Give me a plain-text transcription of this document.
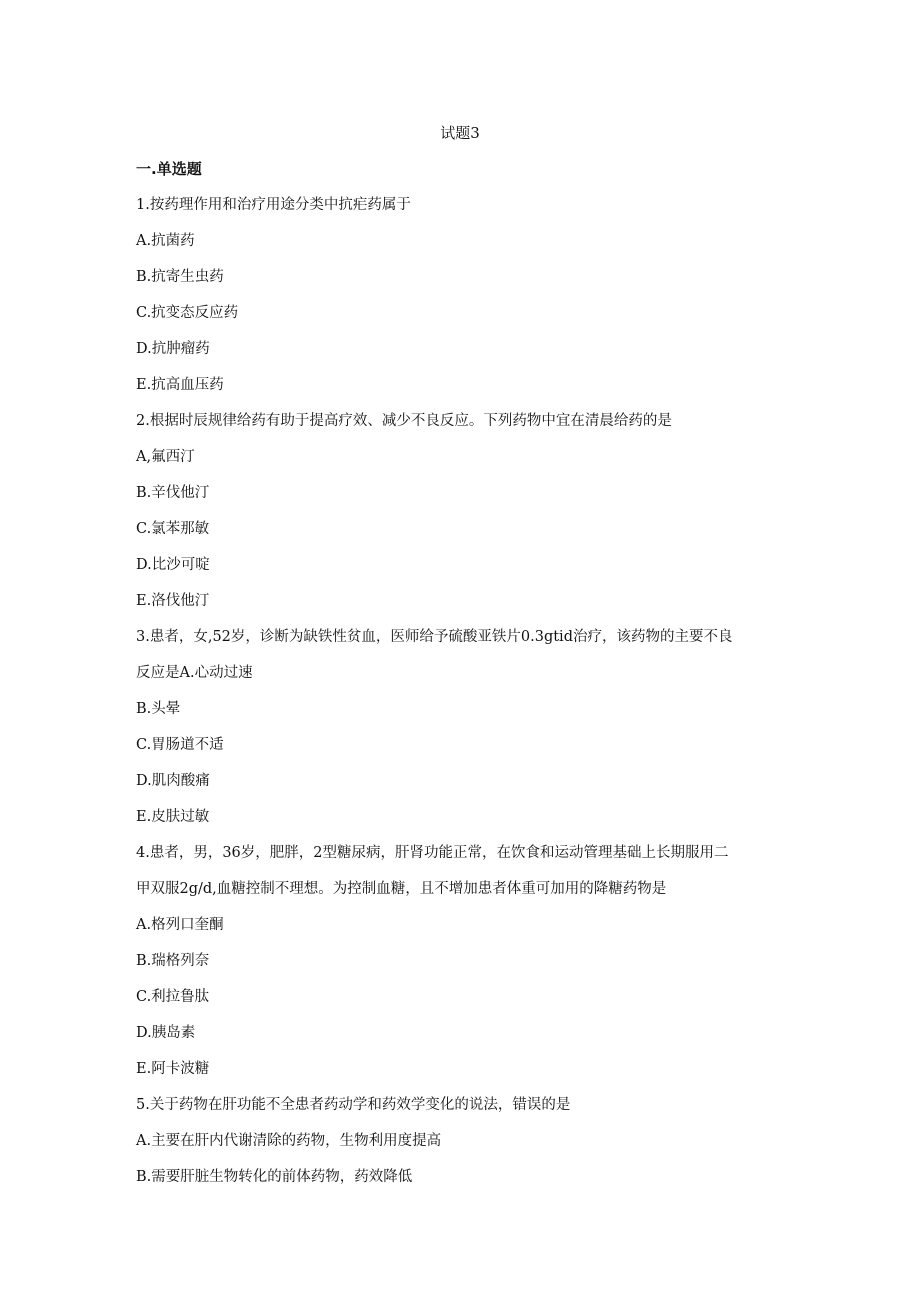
试题3
一.单选题
1.按药理作用和治疗用途分类中抗疟药属于
A.抗菌药
B.抗寄生虫药
C.抗变态反应药
D.抗肿瘤药
E.抗高血压药
2.根据时辰规律给药有助于提高疗效、减少不良反应。下列药物中宜在清晨给药的是
A,氟西汀
B.辛伐他汀
C.氯苯那敏
D.比沙可啶
E.洛伐他汀
3.患者，女,52岁，诊断为缺铁性贫血，医师给予硫酸亚铁片0.3gtid治疗，该药物的主要不良
反应是A.心动过速
B.头晕
C.胃肠道不适
D.肌肉酸痛
E.皮肤过敏
4.患者，男，36岁，肥胖，2型糖尿病，肝肾功能正常，在饮食和运动管理基础上长期服用二
甲双服2g/d,血糖控制不理想。为控制血糖，且不增加患者体重可加用的降糖药物是
A.格列口奎酮
B.瑞格列奈
C.利拉鲁肽
D.胰岛素
E.阿卡波糖
5.关于药物在肝功能不全患者药动学和药效学变化的说法，错误的是
A.主要在肝内代谢清除的药物，生物利用度提高
B.需要肝脏生物转化的前体药物，药效降低
